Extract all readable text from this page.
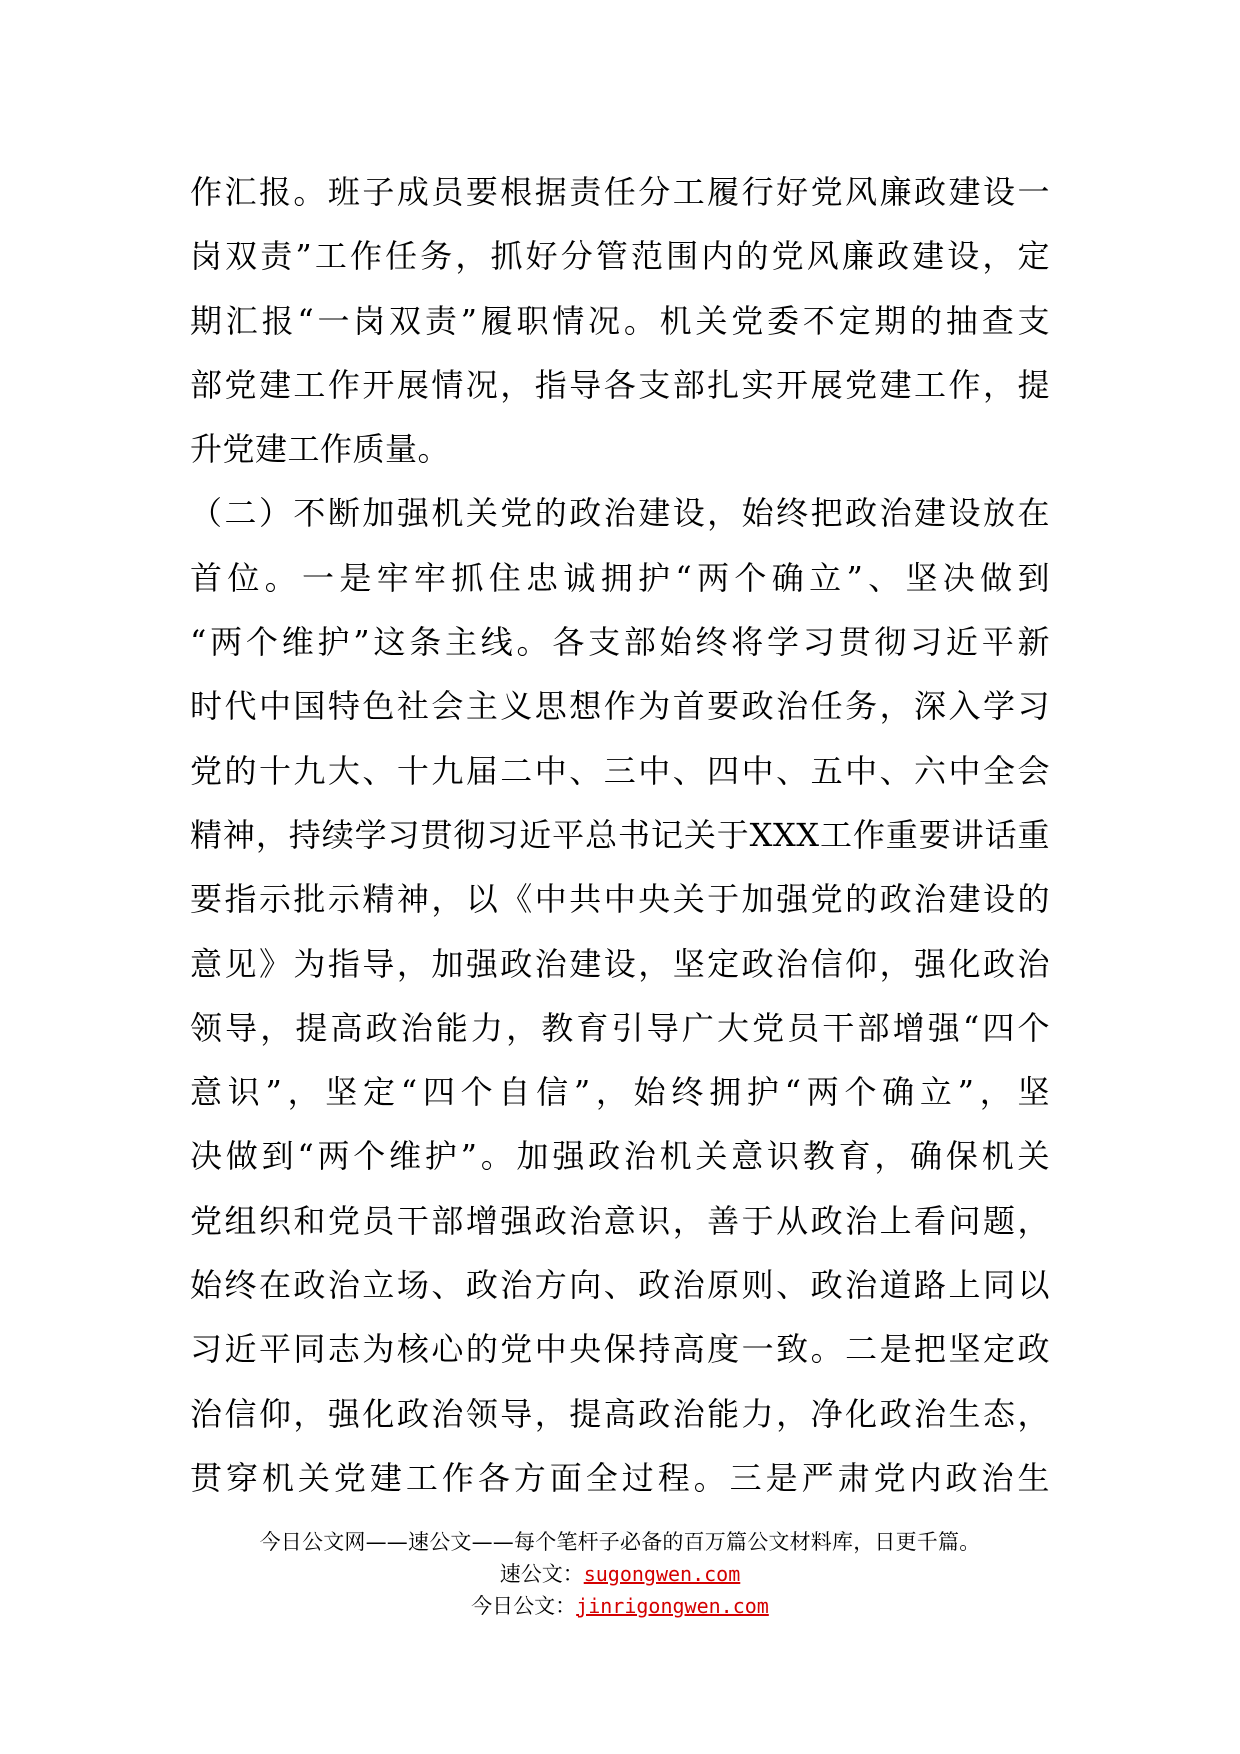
作汇报。班子成员要根据责任分工履行好党风廉政建设一
岗双责”工作任务，抓好分管范围内的党风廉政建设，定
期汇报“一岗双责”履职情况。机关党委不定期的抽查支
部党建工作开展情况，指导各支部扎实开展党建工作，提
升党建工作质量。
（二）不断加强机关党的政治建设，始终把政治建设放在
首位。一是牢牢抓住忠诚拥护“两个确立”、坚决做到
“两个维护”这条主线。各支部始终将学习贯彻习近平新
时代中国特色社会主义思想作为首要政治任务，深入学习
党的十九大、十九届二中、三中、四中、五中、六中全会
精神，持续学习贯彻习近平总书记关于XXX工作重要讲话重
要指示批示精神，以《中共中央关于加强党的政治建设的
意见》为指导，加强政治建设，坚定政治信仰，强化政治
领导，提高政治能力，教育引导广大党员干部增强“四个
意识”，坚定“四个自信”，始终拥护“两个确立”，坚
决做到“两个维护”。加强政治机关意识教育，确保机关
党组织和党员干部增强政治意识，善于从政治上看问题，
始终在政治立场、政治方向、政治原则、政治道路上同以
习近平同志为核心的党中央保持高度一致。二是把坚定政
治信仰，强化政治领导，提高政治能力，净化政治生态，
贯穿机关党建工作各方面全过程。三是严肃党内政治生
今日公文网——速公文——每个笔杆子必备的百万篇公文材料库，日更千篇。
速公文：sugongwen.com
今日公文：jinrigongwen.com
